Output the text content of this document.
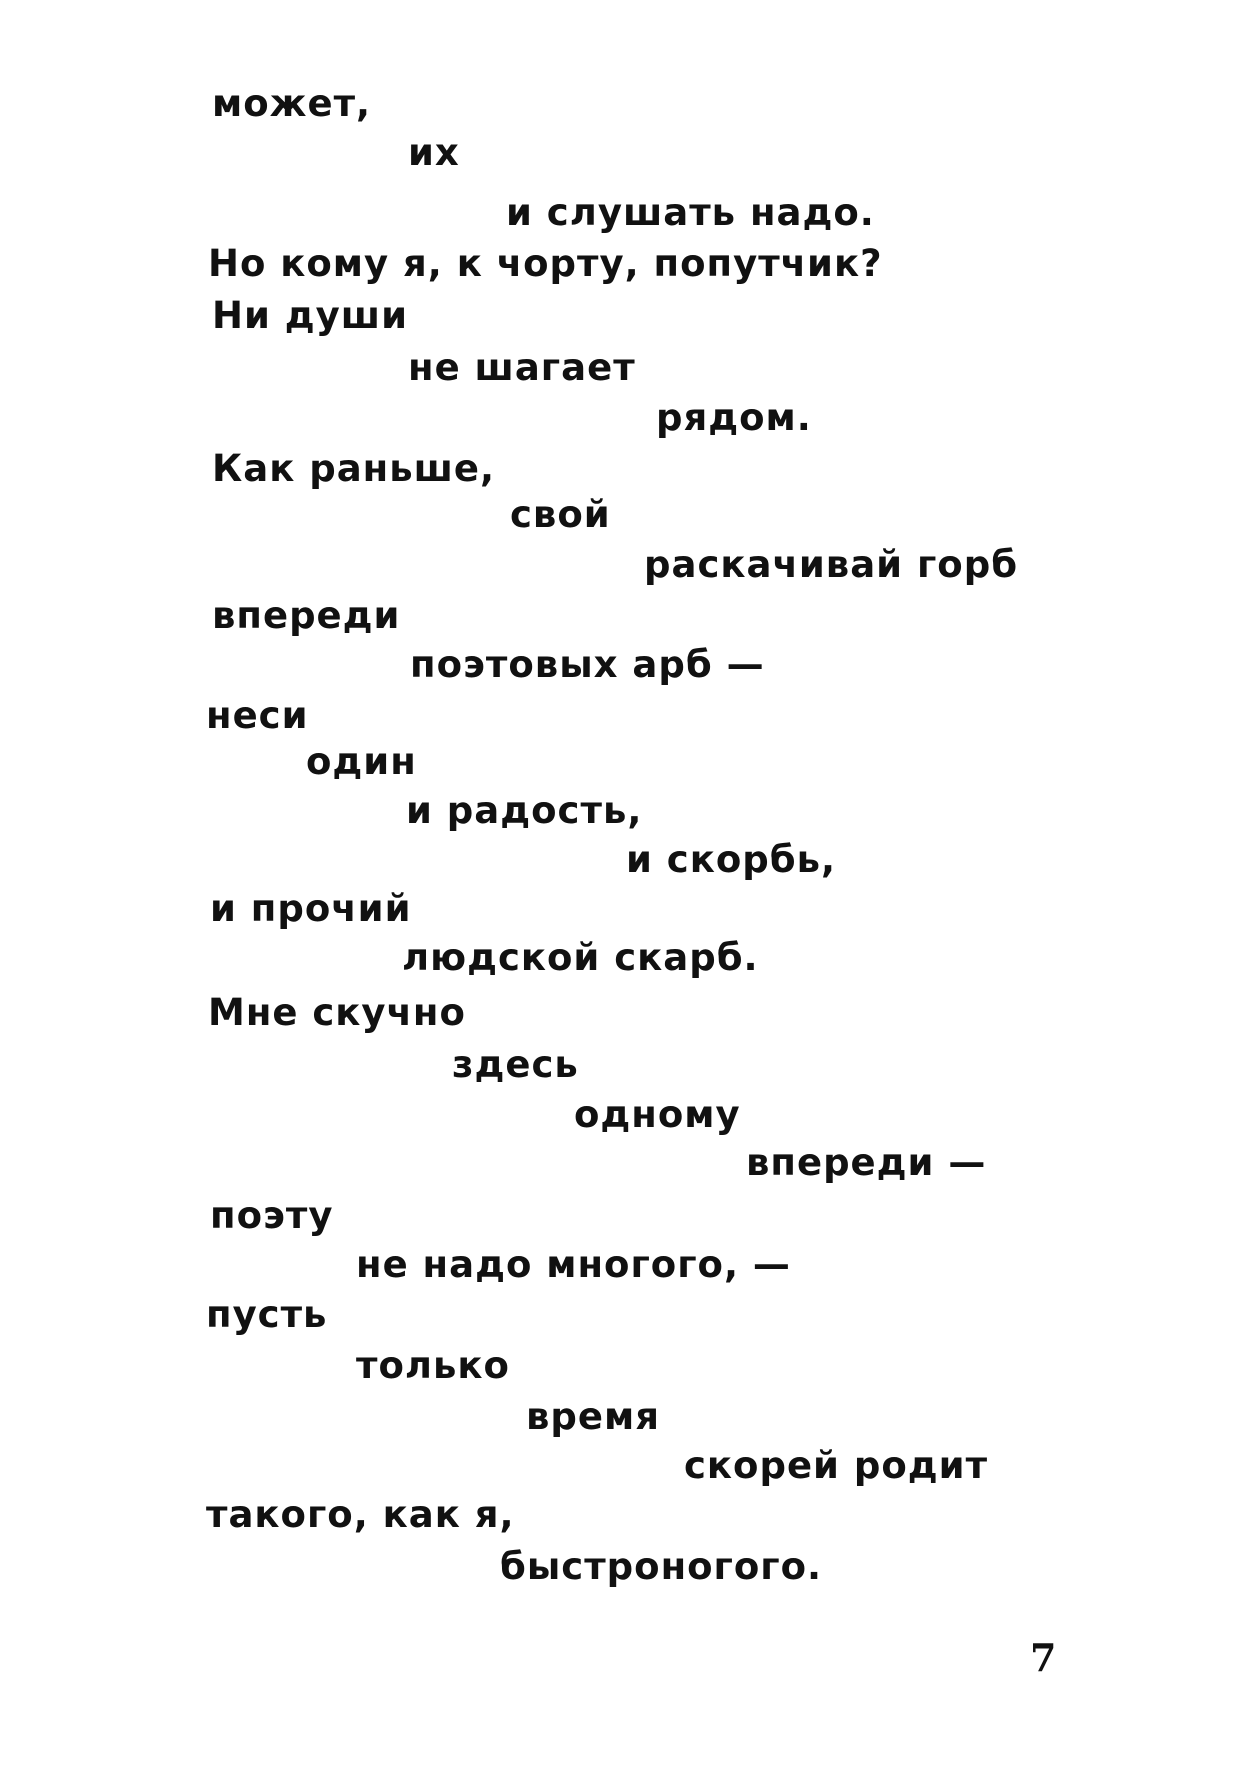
может,
их
и слушать надо.
Но кому я, к чорту, попутчик?
Ни души
не шагает
рядом.
Как раньше,
свой
раскачивай горб
впереди
поэтовых арб —
неси
один
и радость,
и скорбь,
и прочий
людской скарб.
Мне скучно
здесь
одному
впереди —
поэту
не надо многого, —
пусть
только
время
скорей родит
такого, как я,
быстроногого.
7
